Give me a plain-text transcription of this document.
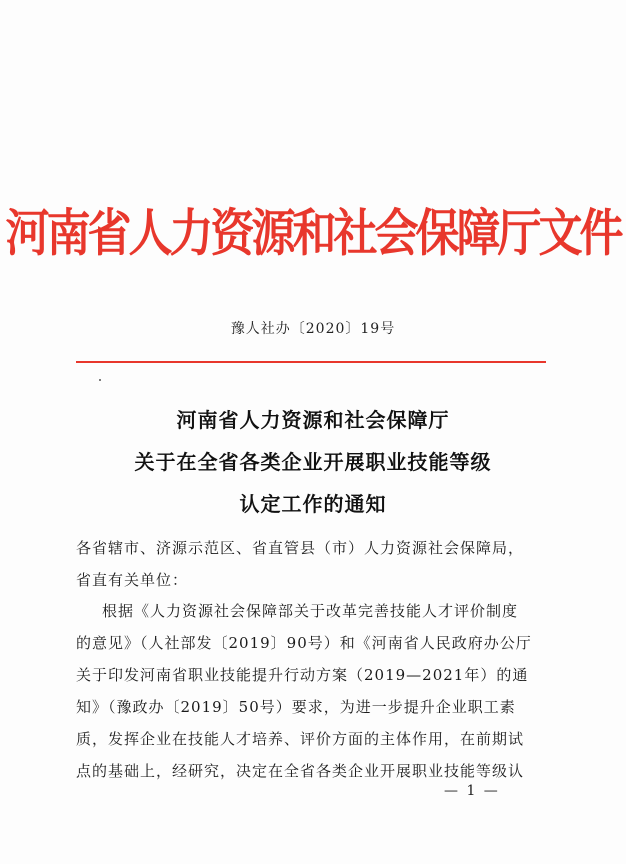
河南省人力资源和社会保障厅文件
豫人社办〔2020〕19号
河南省人力资源和社会保障厅
关于在全省各类企业开展职业技能等级
认定工作的通知
各省辖市、济源示范区、省直管县（市）人力资源社会保障局，
省直有关单位：
根据《人力资源社会保障部关于改革完善技能人才评价制度
的意见》（人社部发〔2019〕90号）和《河南省人民政府办公厅
关于印发河南省职业技能提升行动方案（2019—2021年）的通
知》（豫政办〔2019〕50号）要求，为进一步提升企业职工素
质，发挥企业在技能人才培养、评价方面的主体作用，在前期试
点的基础上，经研究，决定在全省各类企业开展职业技能等级认
— 1 —
